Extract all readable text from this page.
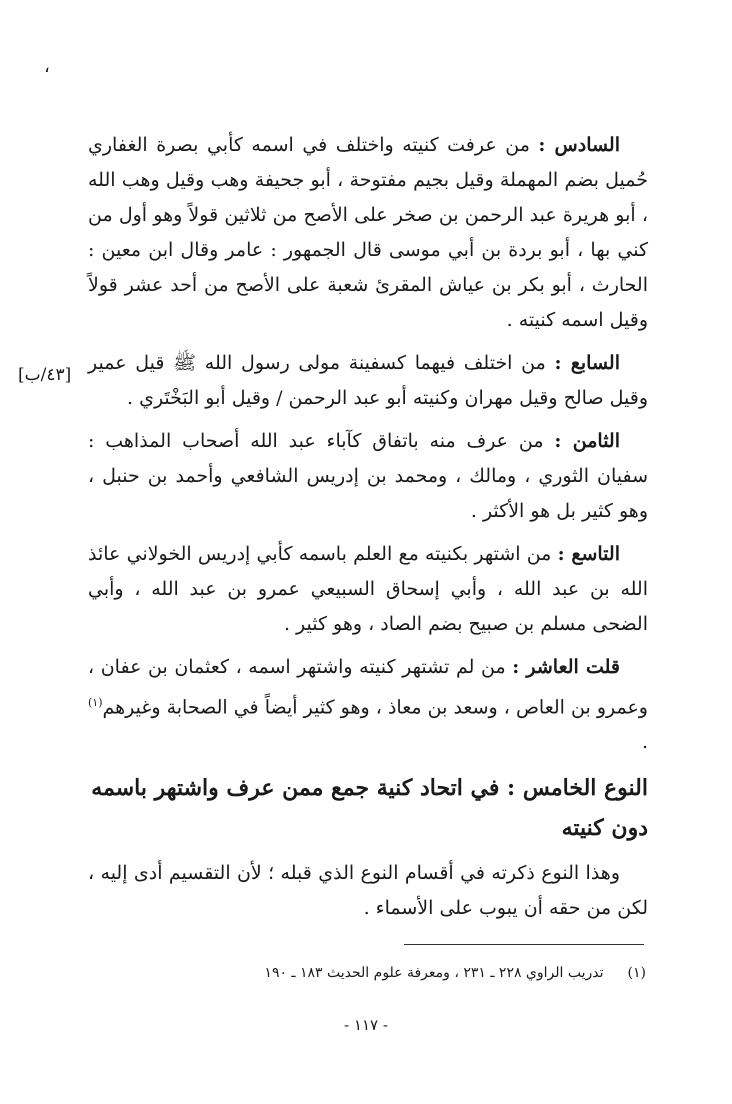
،
[٤٣/ب]

السادس : من عرفت كنيته واختلف في اسمه كأبي بصرة الغفاري حُميل بضم المهملة وقيل بجيم مفتوحة ، أبو جحيفة وهب وقيل وهب الله ، أبو هريرة عبد الرحمن بن صخر على الأصح من ثلاثين قولاً وهو أول من كني بها ، أبو بردة بن أبي موسى قال الجمهور : عامر وقال ابن معين : الحارث ، أبو بكر بن عياش المقرئ شعبة على الأصح من أحد عشر قولاً وقيل اسمه كنيته .

السابع : من اختلف فيهما كسفينة مولى رسول الله ﷺ قيل عمير وقيل صالح وقيل مهران وكنيته أبو عبد الرحمن / وقيل أبو البَخْتَري .

الثامن : من عرف منه باتفاق كآباء عبد الله أصحاب المذاهب : سفيان الثوري ، ومالك ، ومحمد بن إدريس الشافعي وأحمد بن حنبل ، وهو كثير بل هو الأكثر .

التاسع : من اشتهر بكنيته مع العلم باسمه كأبي إدريس الخولاني عائذ الله بن عبد الله ، وأبي إسحاق السبيعي عمرو بن عبد الله ، وأبي الضحى مسلم بن صبيح بضم الصاد ، وهو كثير .

قلت العاشر : من لم تشتهر كنيته واشتهر اسمه ، كعثمان بن عفان ، وعمرو بن العاص ، وسعد بن معاذ ، وهو كثير أيضاً في الصحابة وغيرهم$^{(١)}$ .

النوع الخامس : في اتحاد كنية جمع ممن عرف واشتهر باسمه دون كنيته

وهذا النوع ذكرته في أقسام النوع الذي قبله ؛ لأن التقسيم أدى إليه ، لكن من حقه أن يبوب على الأسماء .

(١)تدريب الراوي ٢٢٨ ـ ٢٣١ ، ومعرفة علوم الحديث ١٨٣ ـ ١٩٠
- ١١٧ -
